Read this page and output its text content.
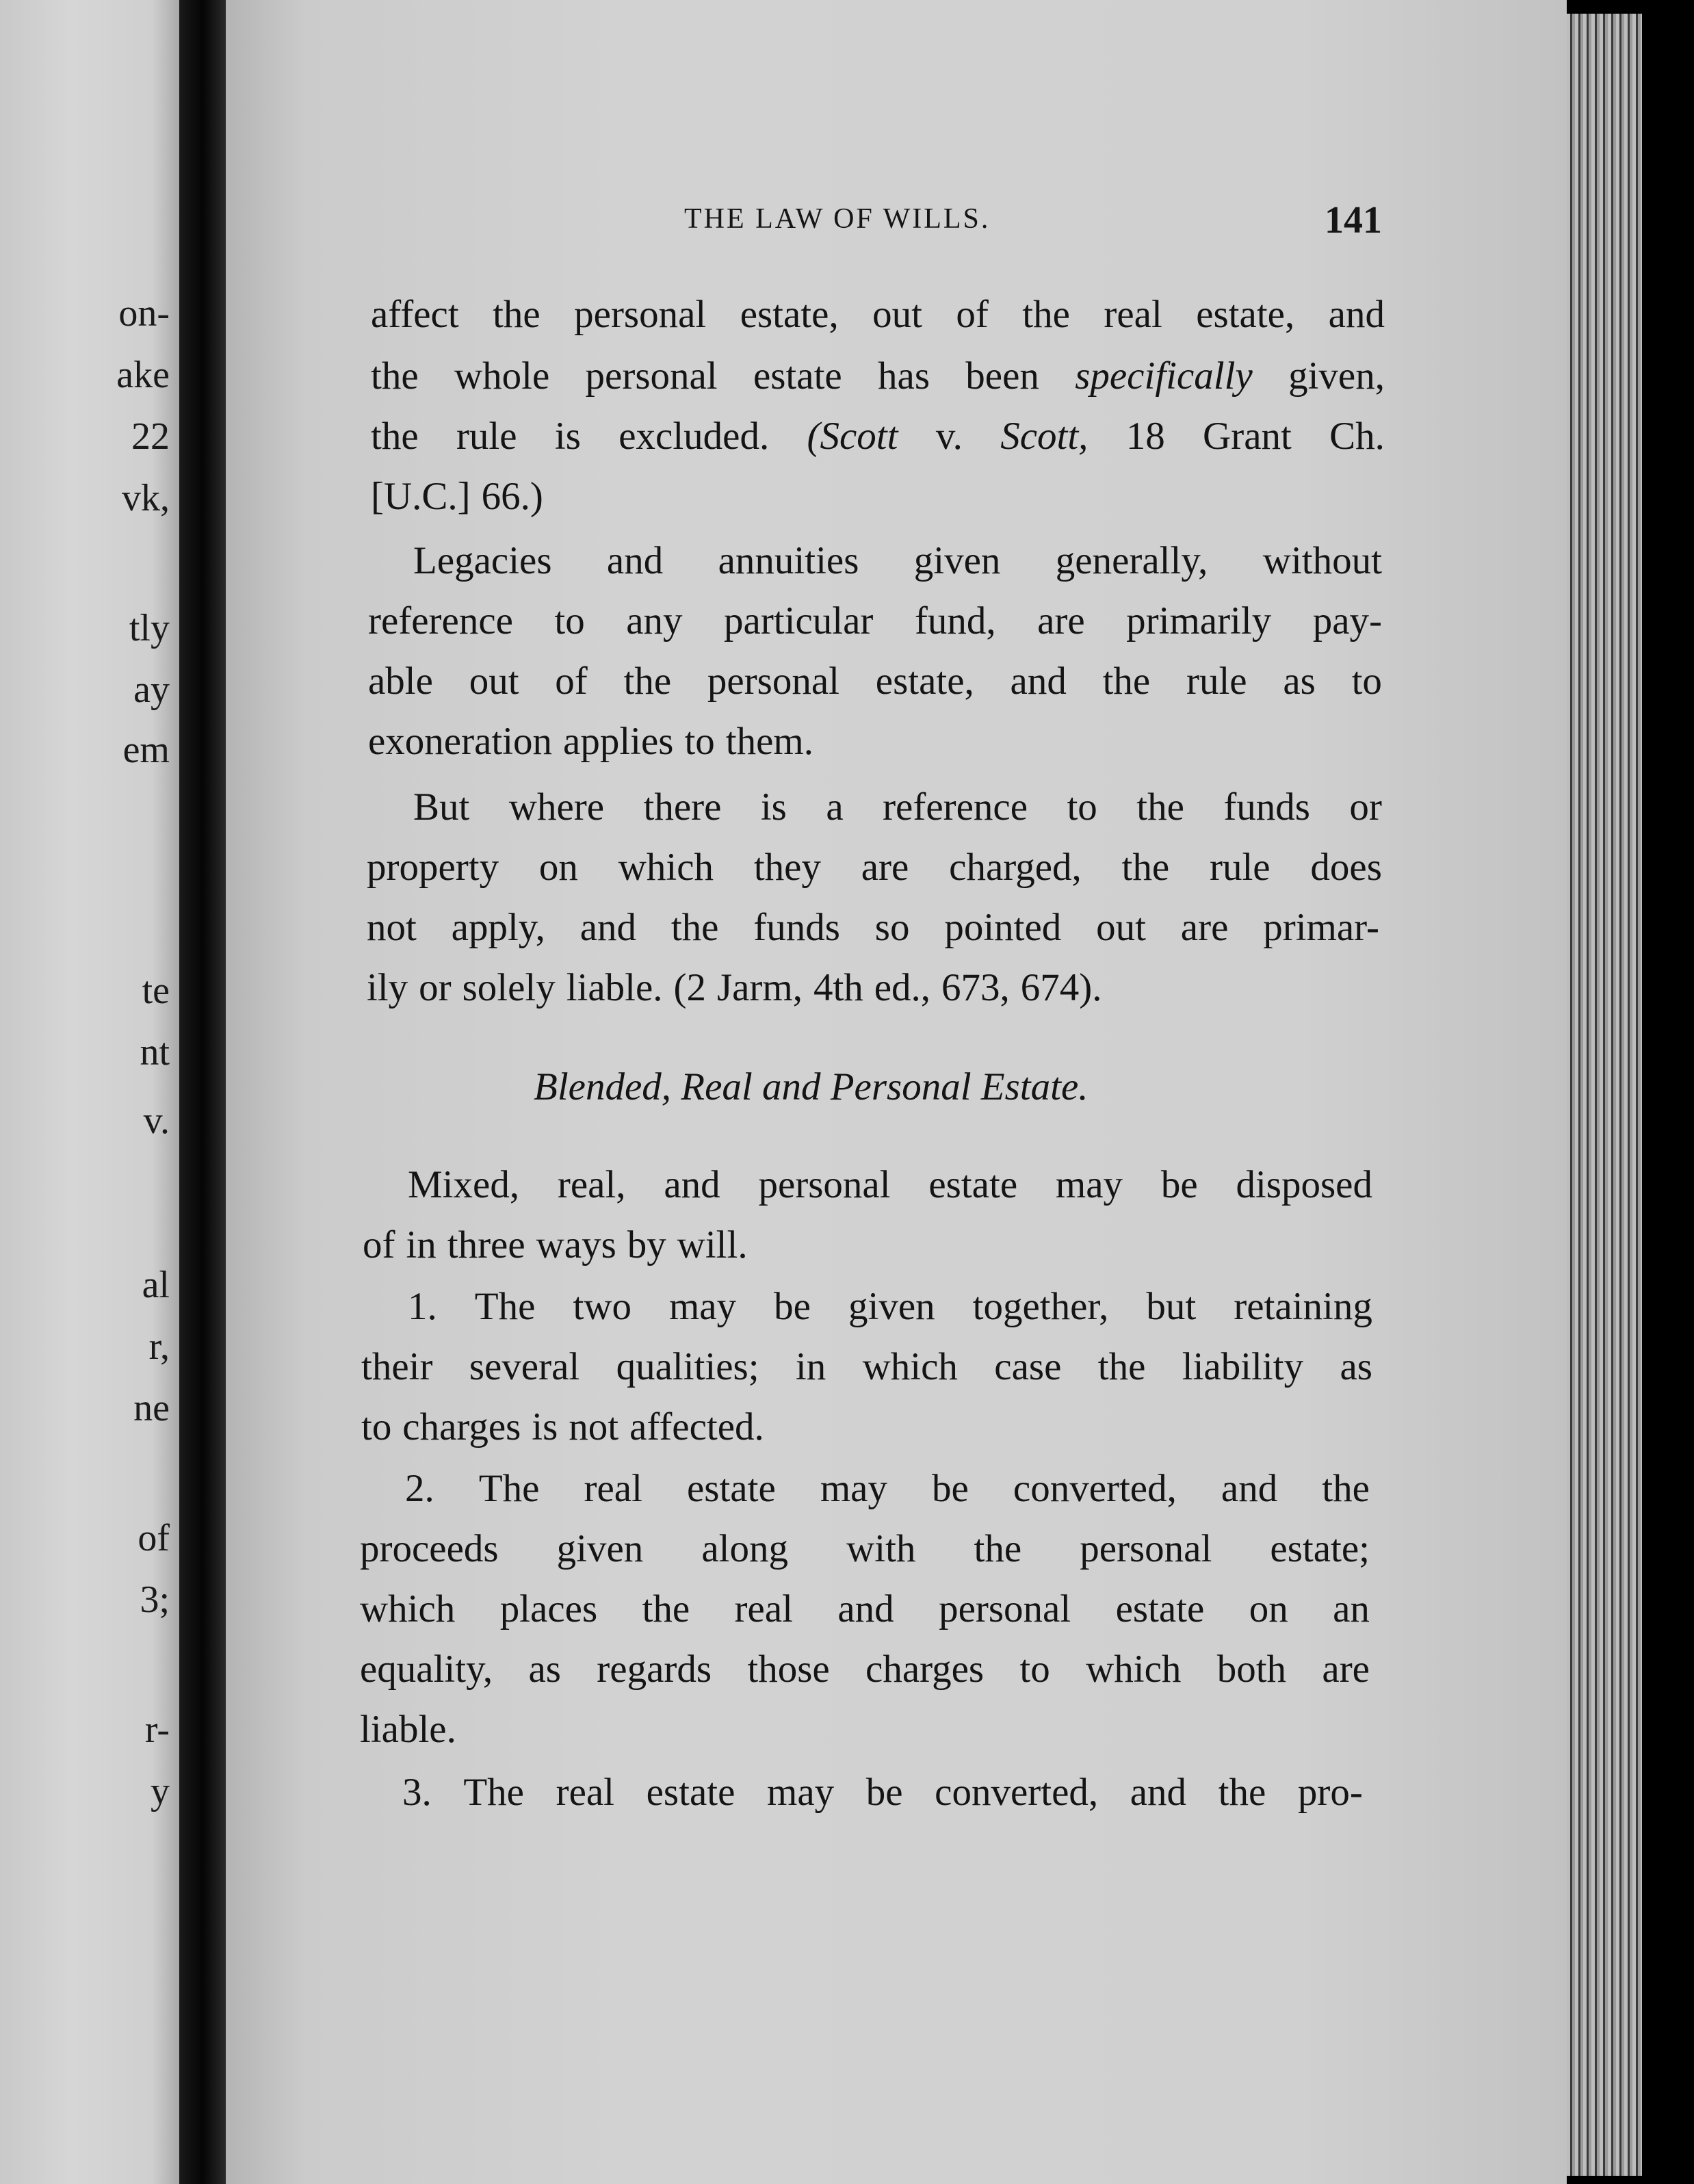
on-
ake
22
vk,
tly
ay
em
te
nt
v.
al
r,
ne
of
3;
r-
y
THE LAW OF WILLS.	141
affect the personal estate, out of the real estate, and
the whole personal estate has been specifically given,
the rule is excluded. (Scott v. Scott, 18 Grant Ch.
[U.C.] 66.)
Legacies and annuities given generally, without
reference to any particular fund, are primarily pay-
able out of the personal estate, and the rule as to
exoneration applies to them.
But where there is a reference to the funds or
property on which they are charged, the rule does
not apply, and the funds so pointed out are primar-
ily or solely liable. (2 Jarm, 4th ed., 673, 674).
Blended, Real and Personal Estate.
Mixed, real, and personal estate may be disposed
of in three ways by will.
1. The two may be given together, but retaining
their several qualities; in which case the liability as
to charges is not affected.
2. The real estate may be converted, and the
proceeds given along with the personal estate;
which places the real and personal estate on an
equality, as regards those charges to which both are
liable.
3. The real estate may be converted, and the pro-
